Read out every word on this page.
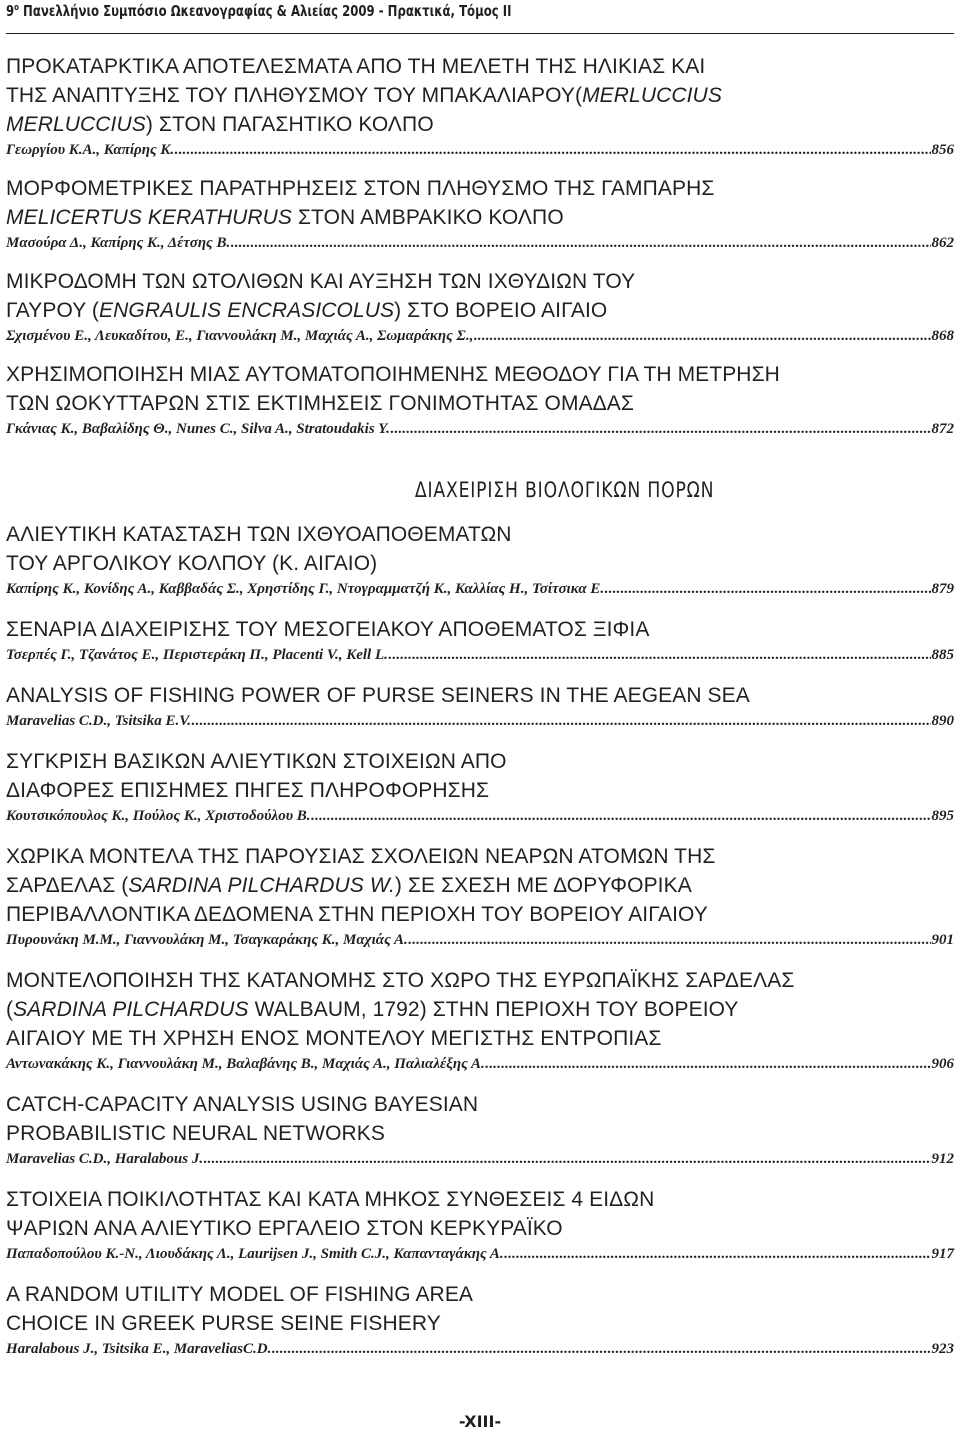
$9^o$ Πανελλήνιο Συμπόσιο Ωκεανογραφίας & Αλιείας 2009 - Πρακτικά, Τόμος ΙΙ
ΠΡΟΚΑΤΑΡΚΤΙΚΑ ΑΠΟΤΕΛΕΣΜΑΤΑ ΑΠΟ ΤΗ ΜΕΛΕΤΗ ΤΗΣ ΗΛΙΚΙΑΣ ΚΑΙ
ΤΗΣ ΑΝΑΠΤΥΞΗΣ ΤΟΥ ΠΛΗΘΥΣΜΟΥ ΤΟΥ ΜΠΑΚΑΛΙΑΡΟΥ(MERLUCCIUS
MERLUCCIUS) ΣΤΟΝ ΠΑΓΑΣΗΤΙΚΟ ΚΟΛΠΟ
Γεωργίου Κ.Α., Καπίρης Κ. .....	856
ΜΟΡΦΟΜΕΤΡΙΚΕΣ ΠΑΡΑΤΗΡΗΣΕΙΣ ΣΤΟΝ ΠΛΗΘΥΣΜΟ ΤΗΣ ΓΑΜΠΑΡΗΣ
MELICERTUS KERATHURUS ΣΤΟΝ ΑΜΒΡΑΚΙΚΟ ΚΟΛΠΟ
Μασούρα Δ., Καπίρης Κ., Δέτσης Β. .....	862
ΜΙΚΡΟΔΟΜΗ ΤΩΝ ΩΤΟΛΙΘΩΝ ΚΑΙ ΑΥΞΗΣΗ ΤΩΝ ΙΧΘΥΔΙΩΝ ΤΟΥ
ΓΑΥΡΟΥ (ENGRAULIS ENCRASICOLUS) ΣΤΟ ΒΟΡΕΙΟ ΑΙΓΑΙΟ
Σχισμένου Ε., Λευκαδίτου, Ε., Γιαννουλάκη Μ., Μαχιάς Α., Σωμαράκης Σ., .....	868
ΧΡΗΣΙΜΟΠΟΙΗΣΗ ΜΙΑΣ ΑΥΤΟΜΑΤΟΠΟΙΗΜΕΝΗΣ ΜΕΘΟΔΟΥ ΓΙΑ ΤΗ ΜΕΤΡΗΣΗ
ΤΩΝ ΩΟΚΥΤΤΑΡΩΝ ΣΤΙΣ ΕΚΤΙΜΗΣΕΙΣ ΓΟΝΙΜΟΤΗΤΑΣ ΟΜΑΔΑΣ
Γκάνιας Κ., Βαβαλίδης Θ., Nunes C., Silva A., Stratoudakis Y. .....	872
ΔΙΑΧΕΙΡΙΣΗ ΒΙΟΛΟΓΙΚΩΝ ΠΟΡΩΝ
ΑΛΙΕΥΤΙΚΗ ΚΑΤΑΣΤΑΣΗ ΤΩΝ ΙΧΘΥΟΑΠΟΘΕΜΑΤΩΝ
ΤΟΥ ΑΡΓΟΛΙΚΟΥ ΚΟΛΠΟΥ (Κ. ΑΙΓΑΙΟ)
Καπίρης Κ., Κονίδης Α., Καββαδάς Σ., Χρηστίδης Γ., Ντογραμματζή Κ., Καλλίας Η., Τσίτσικα Ε. .....	879
ΣΕΝΑΡΙΑ ΔΙΑΧΕΙΡΙΣΗΣ ΤΟΥ ΜΕΣΟΓΕΙΑΚΟΥ ΑΠΟΘΕΜΑΤΟΣ ΞΙΦΙΑ
Τσερπές Γ., Τζανάτος Ε., Περιστεράκη Π., Placenti V., Kell L. .....	885
ANALYSIS OF FISHING POWER OF PURSE SEINERS IN THE AEGEAN SEA
Maravelias C.D., Tsitsika E.V. .....	890
ΣΥΓΚΡΙΣΗ ΒΑΣΙΚΩΝ ΑΛΙΕΥΤΙΚΩΝ ΣΤΟΙΧΕΙΩΝ ΑΠΟ
ΔΙΑΦΟΡΕΣ ΕΠΙΣΗΜΕΣ ΠΗΓΕΣ ΠΛΗΡΟΦΟΡΗΣΗΣ
Κουτσικόπουλος Κ., Πούλος Κ., Χριστοδούλου Β. .....	895
ΧΩΡΙΚΑ ΜΟΝΤΕΛΑ ΤΗΣ ΠΑΡΟΥΣΙΑΣ ΣΧΟΛΕΙΩΝ ΝΕΑΡΩΝ ΑΤΟΜΩΝ ΤΗΣ
ΣΑΡΔΕΛΑΣ (SARDINA PILCHARDUS W.) ΣΕ ΣΧΕΣΗ ΜΕ ΔΟΡΥΦΟΡΙΚΑ
ΠΕΡΙΒΑΛΛΟΝΤΙΚΑ ΔΕΔΟΜΕΝΑ ΣΤΗΝ ΠΕΡΙΟΧΗ ΤΟΥ ΒΟΡΕΙΟΥ ΑΙΓΑΙΟΥ
Πυρουνάκη Μ.Μ., Γιαννουλάκη Μ., Τσαγκαράκης Κ., Μαχιάς Α. .....	901
ΜΟΝΤΕΛΟΠΟΙΗΣΗ ΤΗΣ ΚΑΤΑΝΟΜΗΣ ΣΤΟ ΧΩΡΟ ΤΗΣ ΕΥΡΩΠΑΪΚΗΣ ΣΑΡΔΕΛΑΣ
(SARDINA PILCHARDUS WALBAUM, 1792) ΣΤΗΝ ΠΕΡΙΟΧΗ ΤΟΥ ΒΟΡΕΙΟΥ
ΑΙΓΑΙΟΥ ΜΕ ΤΗ ΧΡΗΣΗ ΕΝΟΣ ΜΟΝΤΕΛΟΥ ΜΕΓΙΣΤΗΣ ΕΝΤΡΟΠΙΑΣ
Αντωνακάκης Κ., Γιαννουλάκη Μ., Βαλαβάνης Β., Μαχιάς Α., Παλιαλέξης Α. .....	906
CATCH-CAPACITY ANALYSIS USING BAYESIAN
PROBABILISTIC NEURAL NETWORKS
Maravelias C.D., Haralabous J. .....	912
ΣΤΟΙΧΕΙΑ ΠΟΙΚΙΛΟΤΗΤΑΣ ΚΑΙ ΚΑΤΑ ΜΗΚΟΣ ΣΥΝΘΕΣΕΙΣ 4 ΕΙΔΩΝ
ΨΑΡΙΩΝ ΑΝΑ ΑΛΙΕΥΤΙΚΟ ΕΡΓΑΛΕΙΟ ΣΤΟΝ ΚΕΡΚΥΡΑΪΚΟ
Παπαδοπούλου Κ.-Ν., Λιουδάκης Λ., Laurijsen J., Smith C.J., Καπανταγάκης Α. .....	917
A RANDOM UTILITY MODEL OF FISHING AREA
CHOICE IN GREEK PURSE SEINE FISHERY
Haralabous J., Tsitsika E., MaraveliasC.D. .....	923
-XIII-
